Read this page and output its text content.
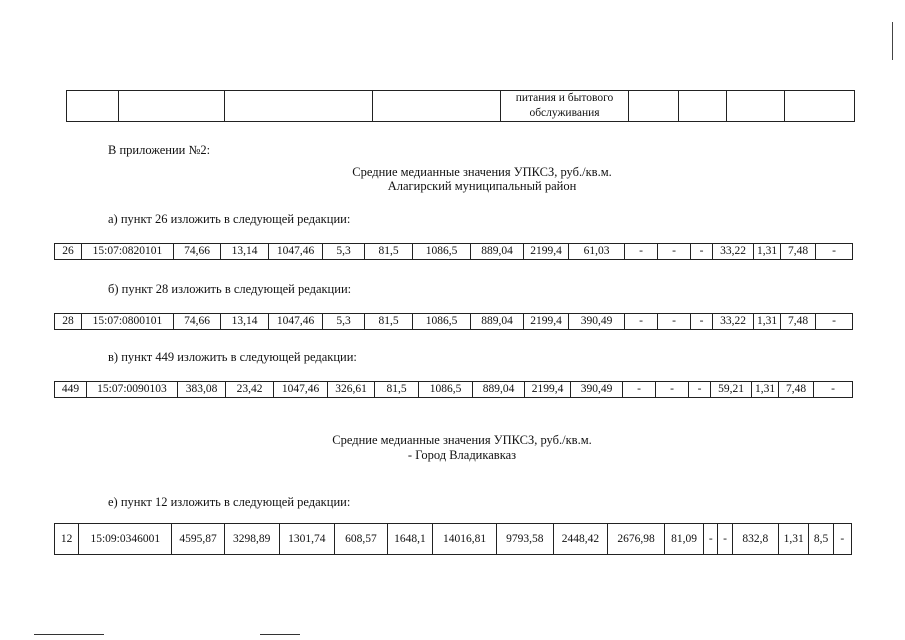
питания и бытового
обслуживания

В приложении №2:
Средние медианные значения УПКСЗ, руб./кв.м.
Алагирский муниципальный район
а) пункт 26 изложить в следующей редакции:
26	15:07:0820101	74,66	13,14	1047,46	5,3	81,5	1086,5	889,04	2199,4	61,03	-	-	-	33,22	1,31	7,48	-
б) пункт 28 изложить в следующей редакции:
28	15:07:0800101	74,66	13,14	1047,46	5,3	81,5	1086,5	889,04	2199,4	390,49	-	-	-	33,22	1,31	7,48	-
в) пункт 449 изложить в следующей редакции:
449	15:07:0090103	383,08	23,42	1047,46	326,61	81,5	1086,5	889,04	2199,4	390,49	-	-	-	59,21	1,31	7,48	-
Средние медианные значения УПКСЗ, руб./кв.м.
- Город Владикавказ
е) пункт 12 изложить в следующей редакции:
12	15:09:0346001	4595,87	3298,89	1301,74	608,57	1648,1	14016,81	9793,58	2448,42	2676,98	81,09	-	-	832,8	1,31	8,5	-
